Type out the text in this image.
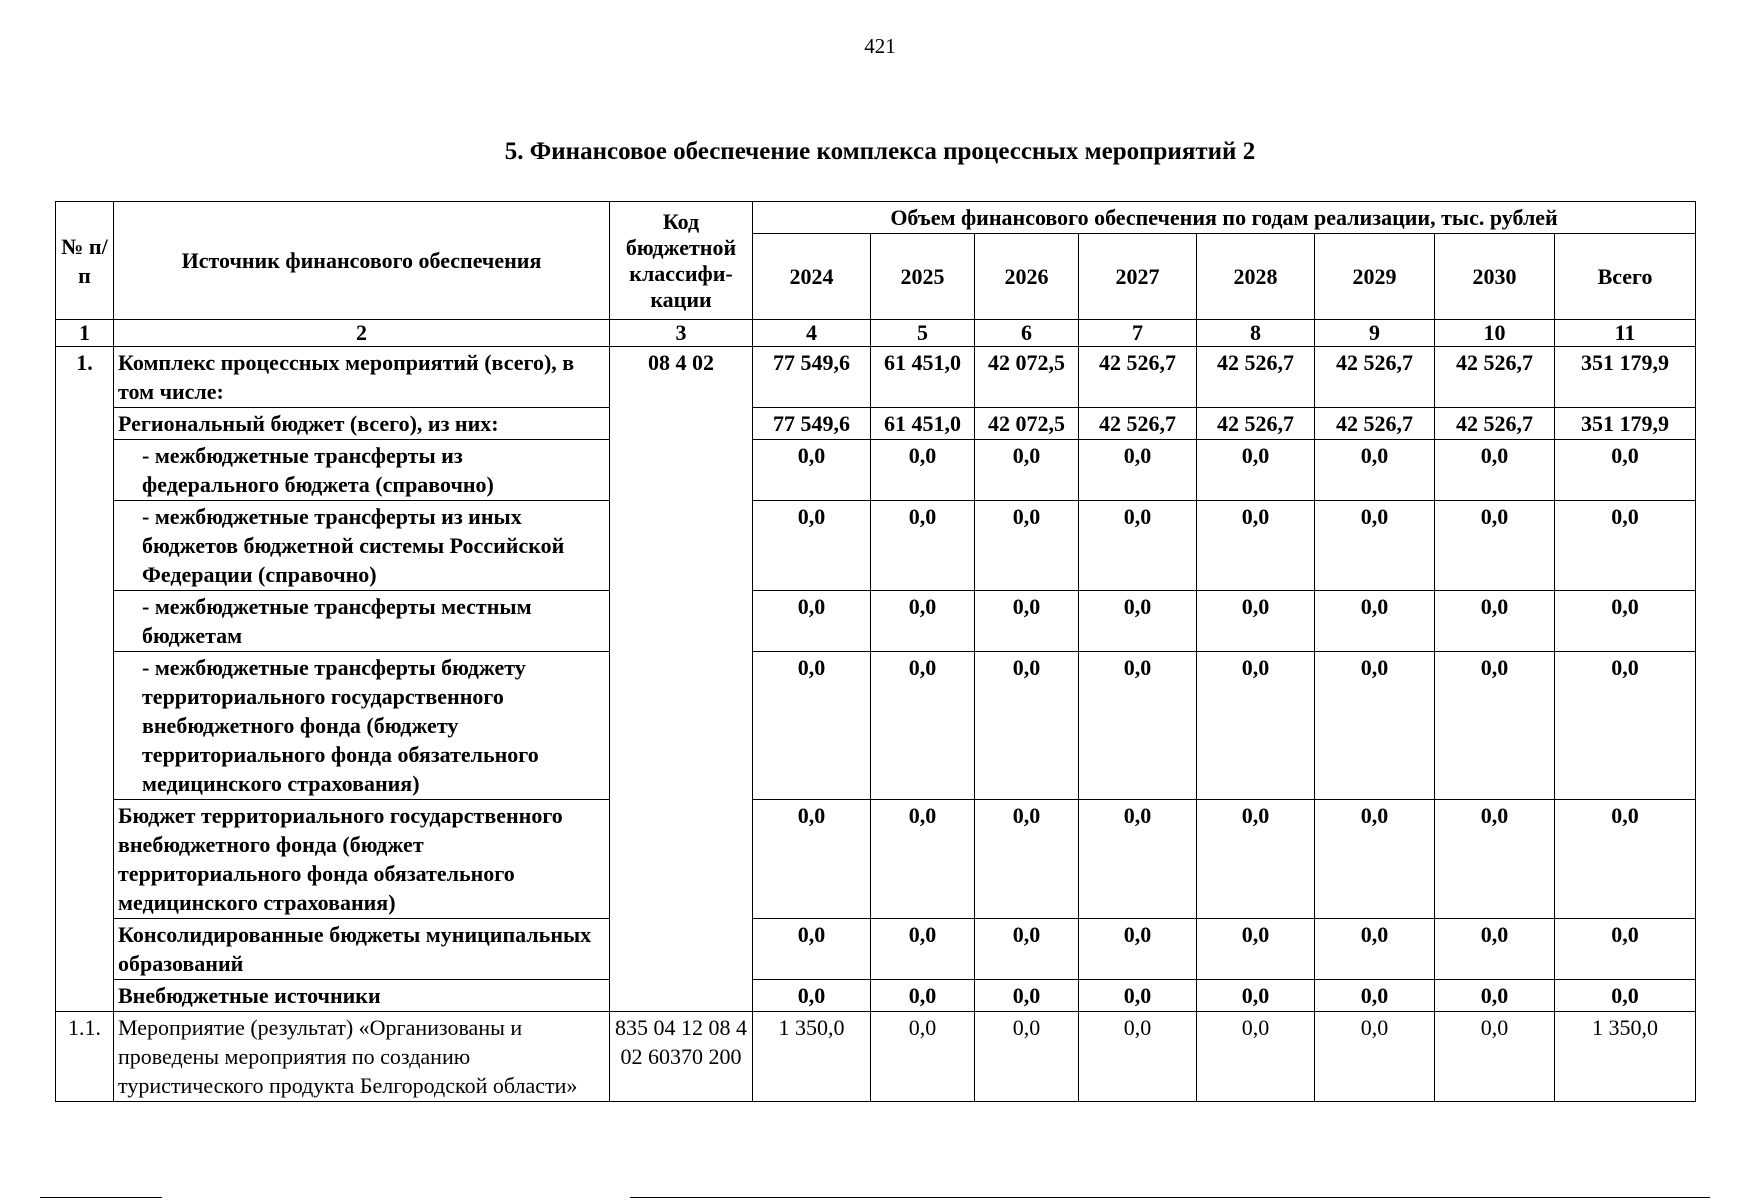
421
5. Финансовое обеспечение комплекса процессных мероприятий 2
№ п/п	Источник финансового обеспечения	Код бюджетной классифи-кации	Объем финансового обеспечения по годам реализации, тыс. рублей							
			2024	2025	2026	2027	2028	2029	2030	Всего
1	2	3	4	5	6	7	8	9	10	11
1.	Комплекс процессных мероприятий (всего), в том числе:	08 4 02	77 549,6	61 451,0	42 072,5	42 526,7	42 526,7	42 526,7	42 526,7	351 179,9
	Региональный бюджет (всего), из них:		77 549,6	61 451,0	42 072,5	42 526,7	42 526,7	42 526,7	42 526,7	351 179,9
	- межбюджетные трансферты из федерального бюджета (справочно)		0,0	0,0	0,0	0,0	0,0	0,0	0,0	0,0
	- межбюджетные трансферты из иных бюджетов бюджетной системы Российской Федерации (справочно)		0,0	0,0	0,0	0,0	0,0	0,0	0,0	0,0
	- межбюджетные трансферты местным бюджетам		0,0	0,0	0,0	0,0	0,0	0,0	0,0	0,0
	- межбюджетные трансферты бюджету территориального государственного внебюджетного фонда (бюджету территориального фонда обязательного медицинского страхования)		0,0	0,0	0,0	0,0	0,0	0,0	0,0	0,0
	Бюджет территориального государственного внебюджетного фонда (бюджет территориального фонда обязательного медицинского страхования)		0,0	0,0	0,0	0,0	0,0	0,0	0,0	0,0
	Консолидированные бюджеты муниципальных образований		0,0	0,0	0,0	0,0	0,0	0,0	0,0	0,0
	Внебюджетные источники		0,0	0,0	0,0	0,0	0,0	0,0	0,0	0,0
1.1.	Мероприятие (результат) «Организованы и проведены мероприятия по созданию туристического продукта Белгородской области»	835 04 12 08 4 02 60370 200	1 350,0	0,0	0,0	0,0	0,0	0,0	0,0	1 350,0
